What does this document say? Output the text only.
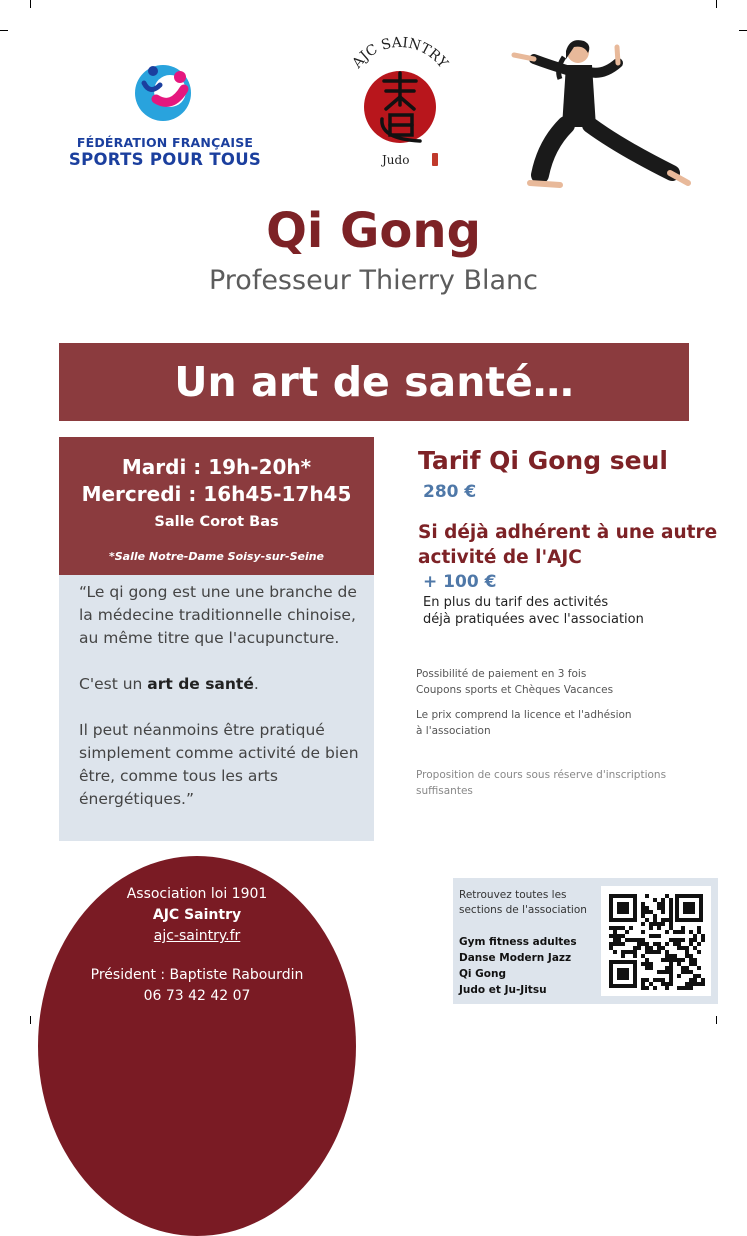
FÉDÉRATION FRANÇAISE
SPORTS POUR TOUS
AJC SAINTRY
Judo
Qi Gong
Professeur Thierry Blanc
Un art de santé…
Mardi : 19h-20h*
Mercredi : 16h45-17h45
Salle Corot Bas
*Salle Notre-Dame Soisy-sur-Seine

“Le qi gong est une une branche de la médecine traditionnelle chinoise, au même titre que l'acupuncture.

C'est un art de santé.

Il peut néanmoins être pratiqué simplement comme activité de bien être, comme tous les arts énergétiques.”

Tarif Qi Gong seul
280 €
Si déjà adhérent à une autre activité de l'AJC
+ 100 €
En plus du tarif des activités
déjà pratiquées avec l'association
Possibilité de paiement en 3 fois
Coupons sports et Chèques Vacances
Le prix comprend la licence et l'adhésion
à l'association
Proposition de cours sous réserve d'inscriptions
suffisantes
Association loi 1901
AJC Saintry
ajc-saintry.fr
Président : Baptiste Rabourdin
06 73 42 42 07
Retrouvez toutes les
sections de l'association
Gym fitness adultes
Danse Modern Jazz
Qi Gong
Judo et Ju-Jitsu
